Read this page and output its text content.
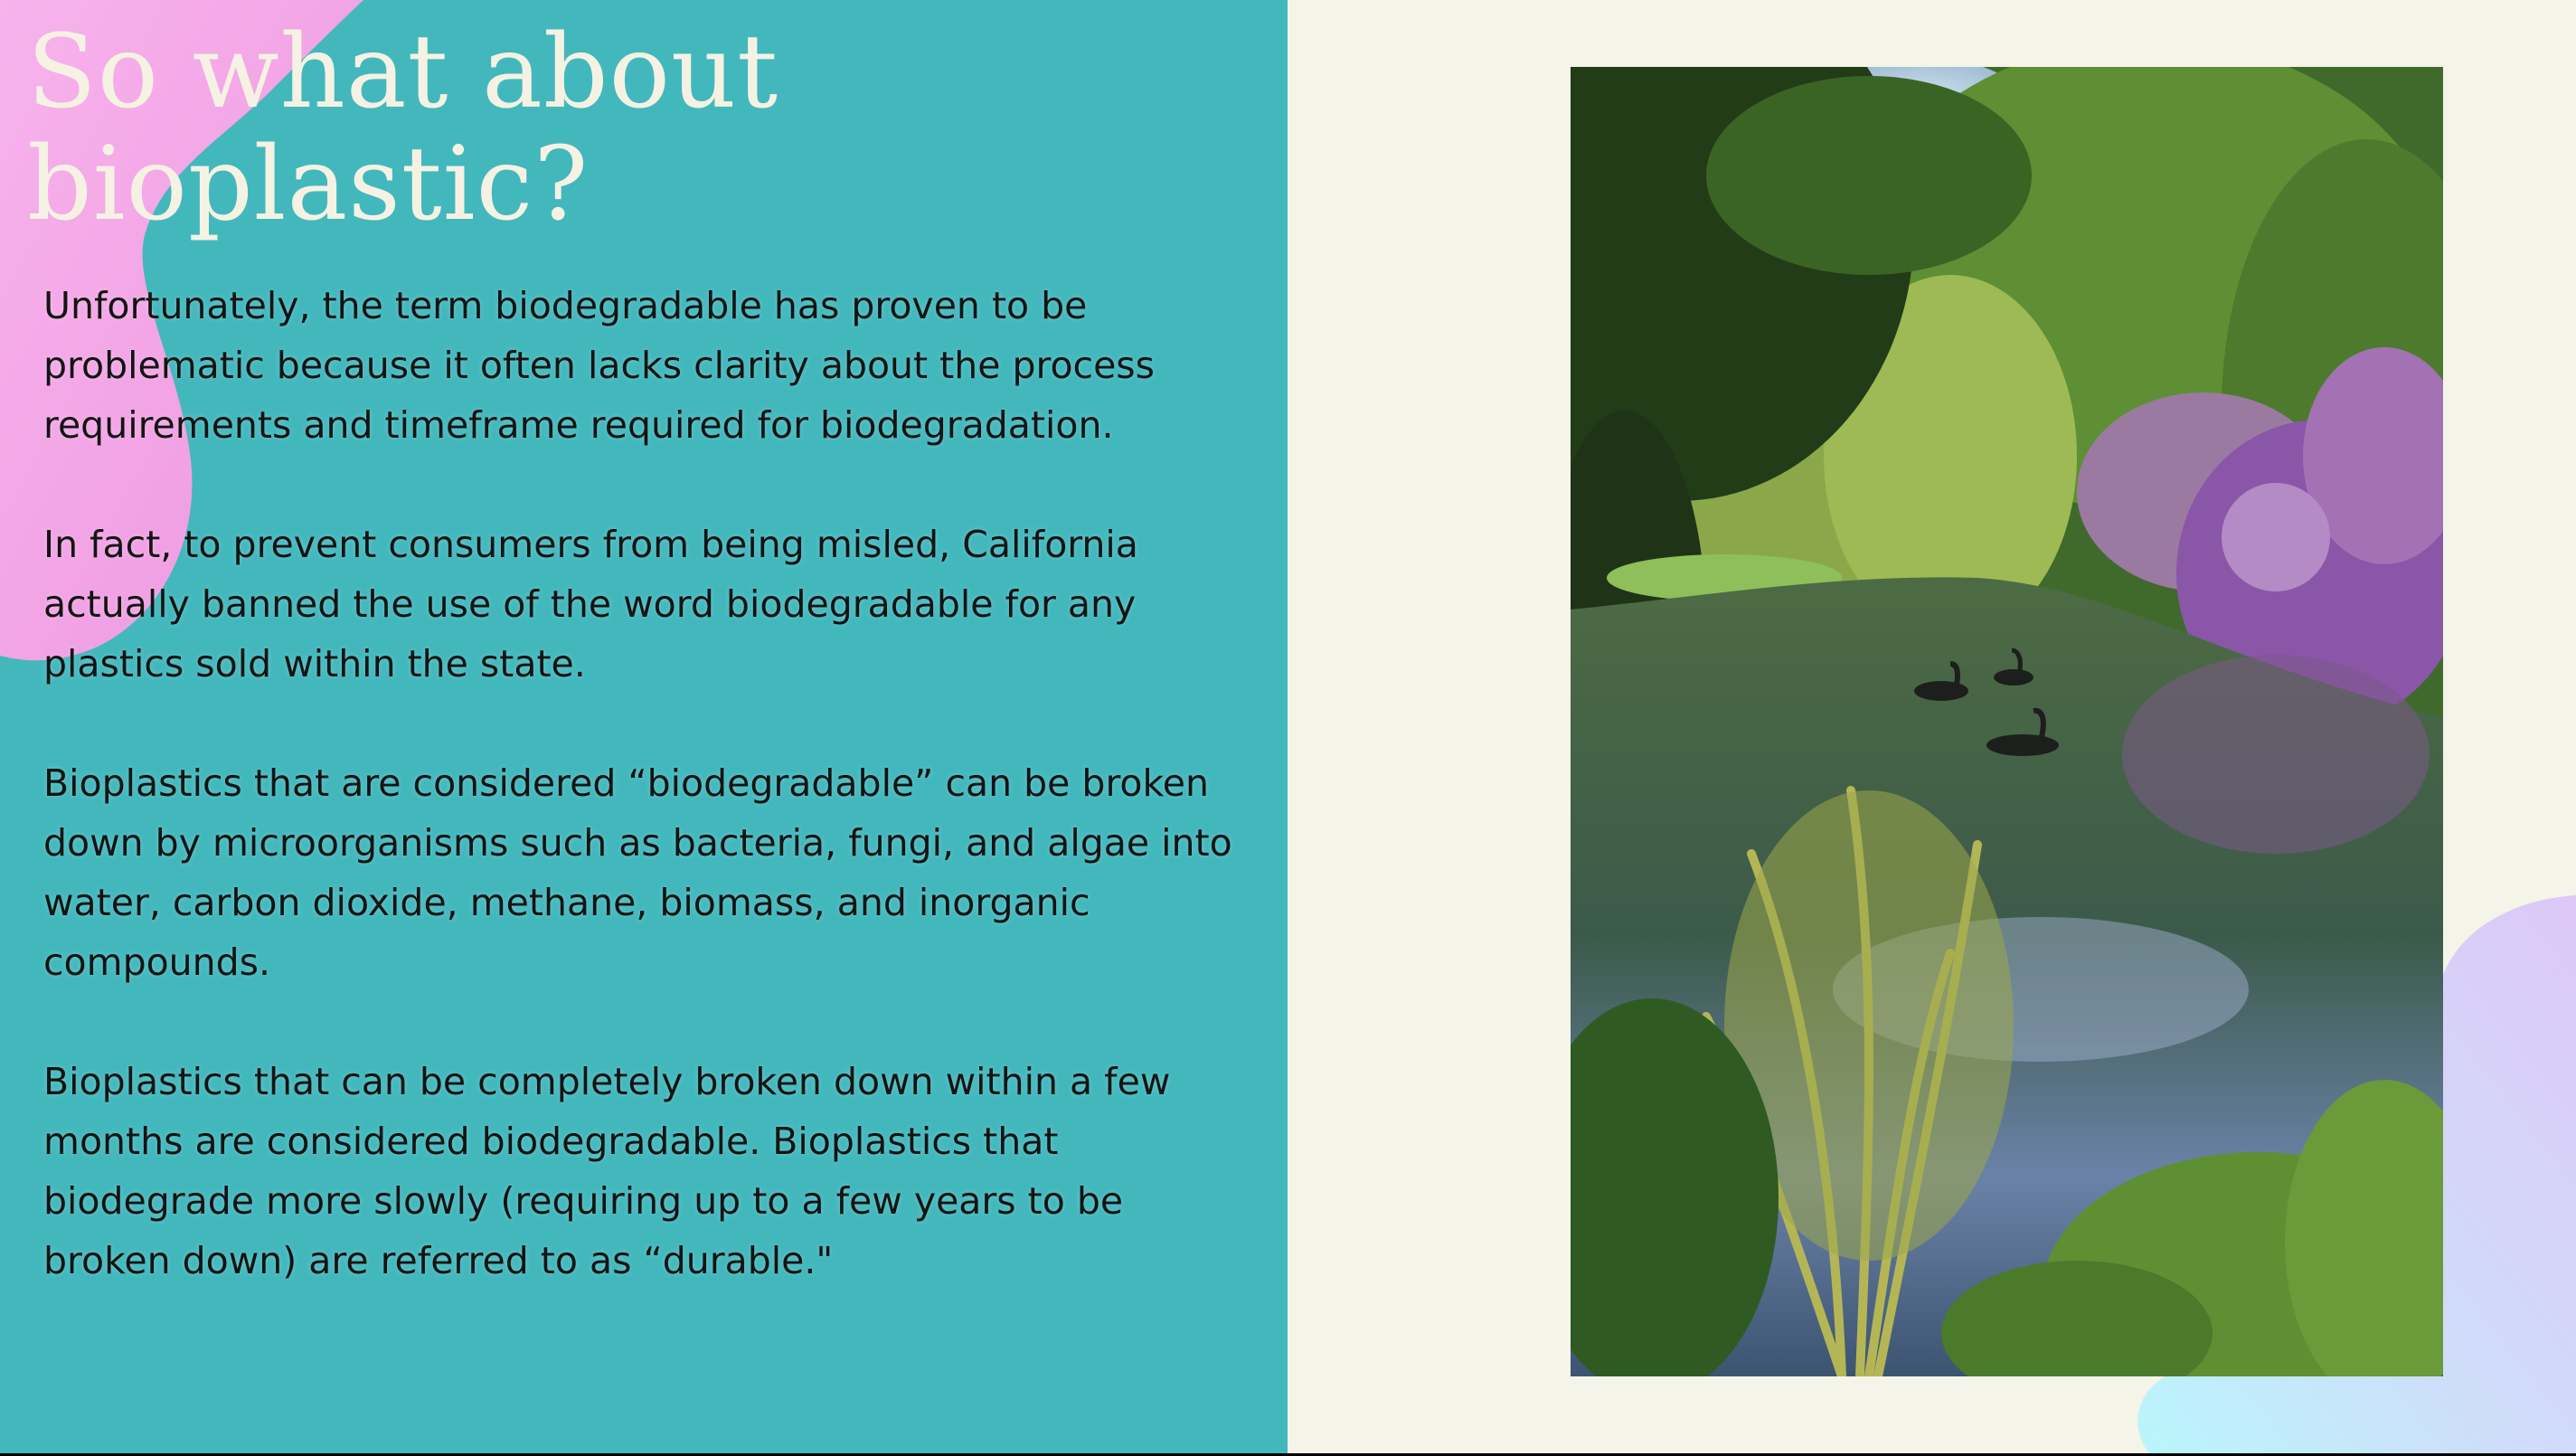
So what about bioplastic?

Unfortunately, the term biodegradable has proven to be problematic because it often lacks clarity about the process requirements and timeframe required for biodegradation.

In fact, to prevent consumers from being misled, California actually banned the use of the word biodegradable for any plastics sold within the state.

Bioplastics that are considered “biodegradable” can be broken down by microorganisms such as bacteria, fungi, and algae into water, carbon dioxide, methane, biomass, and inorganic compounds.

Bioplastics that can be completely broken down within a few months are considered biodegradable. Bioplastics that biodegrade more slowly (requiring up to a few years to be broken down) are referred to as “durable."
